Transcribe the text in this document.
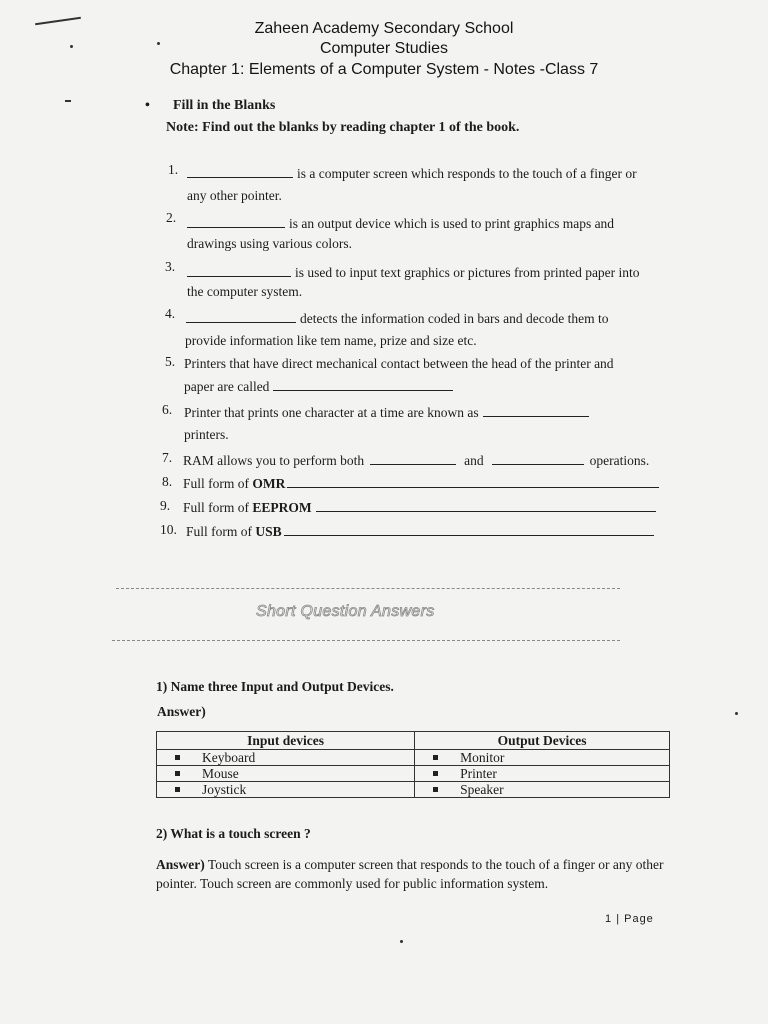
Zaheen Academy Secondary School
Computer Studies
Chapter 1: Elements of a Computer System - Notes -Class 7
• Fill in the Blanks
Note: Find out the blanks by reading chapter 1 of the book.
1.	is a computer screen which responds to the touch of a finger or
any other pointer.
2.	is an output device which is used to print graphics maps and
drawings using various colors.
3.	is used to input text graphics or pictures from printed paper into
the computer system.
4.	detects the information coded in bars and decode them to
provide information like tem name, prize and size etc.
5. Printers that have direct mechanical contact between the head of the printer and
paper are called
6. Printer that prints one character at a time are known as
printers.
7. RAM allows you to perform both	and	operations.
8. Full form of OMR
9. Full form of EEPROM
10. Full form of USB
Short Question Answers
1) Name three Input and Output Devices.
Answer)
Input devices	Output Devices
Keyboard	Monitor
Mouse	Printer
Joystick	Speaker
2) What is a touch screen ?
Answer) Touch screen is a computer screen that responds to the touch of a finger or any other pointer. Touch screen are commonly used for public information system.
1 | Page
